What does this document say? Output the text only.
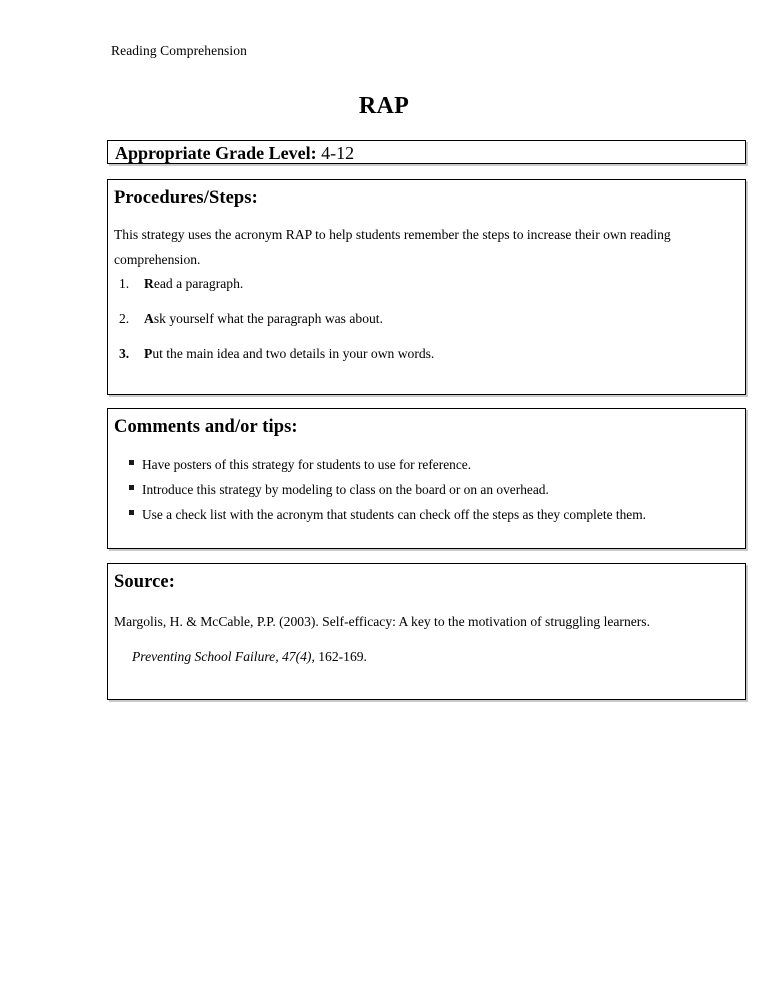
Reading Comprehension
RAP
Appropriate Grade Level: 4-12
Procedures/Steps:
This strategy uses the acronym RAP to help students remember the steps to increase their own reading comprehension.
1.	Read a paragraph.
2.	Ask yourself what the paragraph was about.
3.	Put the main idea and two details in your own words.
Comments and/or tips:
Have posters of this strategy for students to use for reference.
Introduce this strategy by modeling to class on the board or on an overhead.
Use a check list with the acronym that students can check off the steps as they complete them.
Source:
Margolis, H. & McCable, P.P. (2003). Self-efficacy: A key to the motivation of struggling learners.
Preventing School Failure, 47(4), 162-169.
